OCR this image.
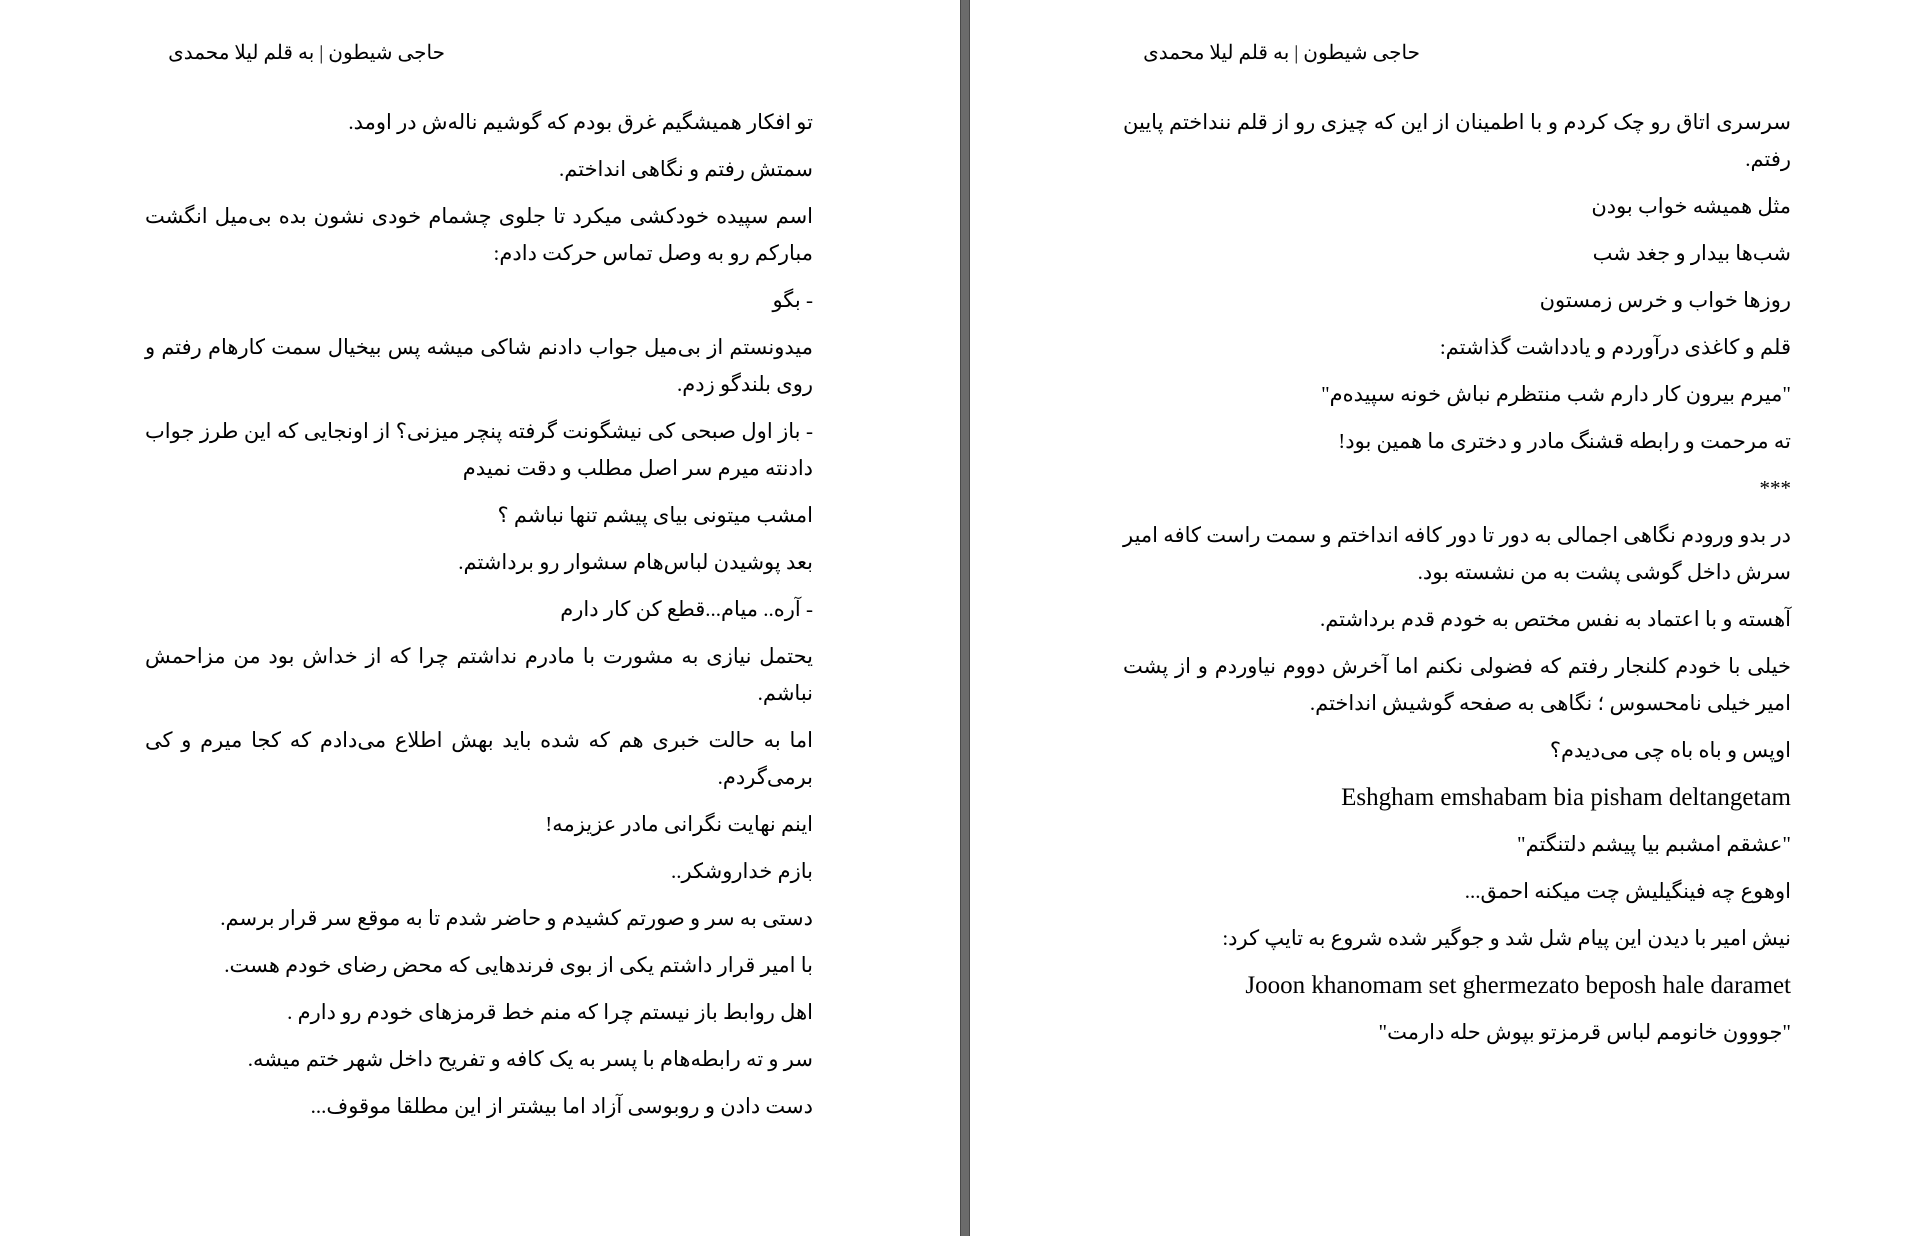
حاجی شیطون | به قلم لیلا محمدی

تو افکار همیشگیم غرق بودم که گوشیم نالەش در اومد.

سمتش رفتم و نگاهی انداختم.

اسم سپیده خودکشی میکرد تا جلوی چشمام خودی نشون بده بی‌میل انگشت مبارکم رو به وصل تماس حرکت دادم:

- بگو

میدونستم از بی‌میل جواب دادنم شاکی میشه پس بیخیال سمت کارهام رفتم و روی بلندگو زدم.

- باز اول صبحی کی نیشگونت گرفته پنچر میزنی؟ از اونجایی که این طرز جواب دادنته میرم سر اصل مطلب و دقت نمیدم

امشب میتونی بیای پیشم تنها نباشم ؟

بعد پوشیدن لباس‌هام سشوار رو برداشتم.

- آره.. میام...قطع کن کار دارم

یحتمل نیازی به مشورت با مادرم نداشتم چرا که از خداش بود من مزاحمش نباشم.

اما به حالت خبری هم که شده باید بهش اطلاع می‌دادم که کجا میرم و کی برمی‌گردم.

اینم نهایت نگرانی مادر عزیزمه!

بازم خداروشکر..

دستی به سر و صورتم کشیدم و حاضر شدم تا به موقع سر قرار برسم.

با امیر قرار داشتم یکی از بوی فرندهایی که محض رضای خودم هست.

اهل روابط باز نیستم چرا که منم خط قرمزهای خودم رو دارم .

سر و ته رابطه‌هام با پسر به یک کافه و تفریح داخل شهر ختم میشه.

دست دادن و روبوسی آزاد اما بیشتر از این مطلقا موقوف...

حاجی شیطون | به قلم لیلا محمدی

سرسری اتاق رو چک کردم و با اطمینان از این که چیزی رو از قلم ننداختم پایین رفتم.

مثل همیشه خواب بودن

شب‌ها بیدار و جغد شب

روزها خواب و خرس زمستون

قلم و کاغذی درآوردم و یادداشت گذاشتم:

"میرم بیرون کار دارم شب منتظرم نباش خونه سپیدەم"

ته مرحمت و رابطه قشنگ مادر و دختری ما همین بود!

***

در بدو ورودم نگاهی اجمالی به دور تا دور کافه انداختم و سمت راست کافه امیر سرش داخل گوشی پشت به من نشسته بود.

آهسته و با اعتماد به نفس مختص به خودم قدم برداشتم.

خیلی با خودم کلنجار رفتم که فضولی نکنم اما آخرش دووم نیاوردم و از پشت امیر خیلی نامحسوس ؛ نگاهی به صفحه گوشیش انداختم.

اوپس و باه باه چی می‌دیدم؟

Eshgham emshabam bia pisham deltangetam

"عشقم امشبم بیا پیشم دلتنگتم"

اوهوع چه فینگیلیش چت میکنه احمق...

نیش امیر با دیدن این پیام شل شد و جوگیر شده شروع به تایپ کرد:

Jooon khanomam set ghermezato beposh hale daramet

"جووون خانومم لباس قرمزتو بپوش حله دارمت"
